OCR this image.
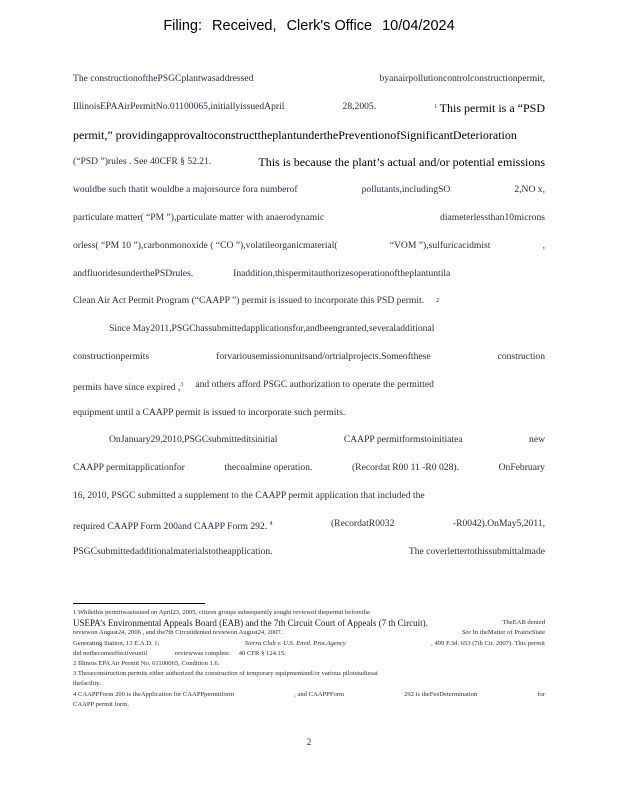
Filing: Received, Clerk's Office 10/04/2024
The constructionofthePSGCplantwasaddressed	byanairpollutioncontrolconstructionpermit,
IllinoisEPAAirPermitNo.01100065,initiallyissuedApril	28,2005.	$^1$ This permit is a “PSD
permit,” providingapprovaltoconstructtheplantunderthePreventionofSignificantDeterioration
(“PSD ”)rules . See 40CFR § 52.21.	This is because the plant’s actual and/or potential emissions
wouldbe such thatit wouldbe a majorsource fora numberof	pollutants,includingSO	2,NO x,
particulate matter( “PM ”),particulate matter with anaerodynamic	diameterlessthan10microns
orless( “PM 10 ”),carbonmonoxide ( “CO ”),volatileorganicmaterial(	“VOM ”),sulfuricacidmist	,
andfluoridesunderthePSDrules.	Inaddition,thispermitauthorizesoperationoftheplantuntila
Clean Air Act Permit Program (“CAAPP ”) permit is issued to incorporate this PSD permit. 2
Since May2011,PSGChassubmittedapplicationsfor,andbeengranted,severaladditional
constructionpermits	forvariousemissionunitsand/ortrialprojects.Someofthese	construction
permits have since expired ,$^3$ and others afford PSGC authorization to operate the permitted
equipment until a CAAPP permit is issued to incorporate such permits.
OnJanuary29,2010,PSGCsubmitteditsinitial	CAAPP permitformstoinitiatea	new
CAAPP permitapplicationfor	thecoalmine operation.	(Recordat R00 11 -R0 028).	OnFebruary
16, 2010, PSGC submitted a supplement to the CAAPP permit application that included the
required CAAPP Form 200and CAAPP Form 292. $^4$	(RecordatR0032	-R0042).OnMay5,2011,
PSGCsubmittedadditionalmaterialstotheapplication.	The coverlettertothissubmittalmade
1 Whilethis permitwasissued on April23, 2005, citizen groups subsequently sought reviewof thepermit beforethe
USEPA’s Environmental Appeals Board (EAB) and the 7th Circuit Court of Appeals (7 th Circuit).	TheEAB denied
reviewon August24, 2006 , and the7th Circuitdenied reviewon August24, 2007.	See In theMatter of PrairieState
Generating Station, 13 E.A.D. 1;	Sierra Club v. U.S. Envtl. Prot.Agency	, 499 F.3d. 653 (7th Cir. 2007). This permit
did notbecomeeffectiveuntil	reviewwas complete. 40 CFR § 124.15.
2 Illinois EPA Air Permit No. 01100065, Condition 1.6.
3 Theseconstruction permits either authorized the construction of temporary equipmentand/or various pilotstudiesat
thefacility.
4 CAAPPForm 200 is theApplication for CAAPPpermitform	, and CAAPPForm	292 is theFeeDetermination	for
CAAPP permit form.
2
